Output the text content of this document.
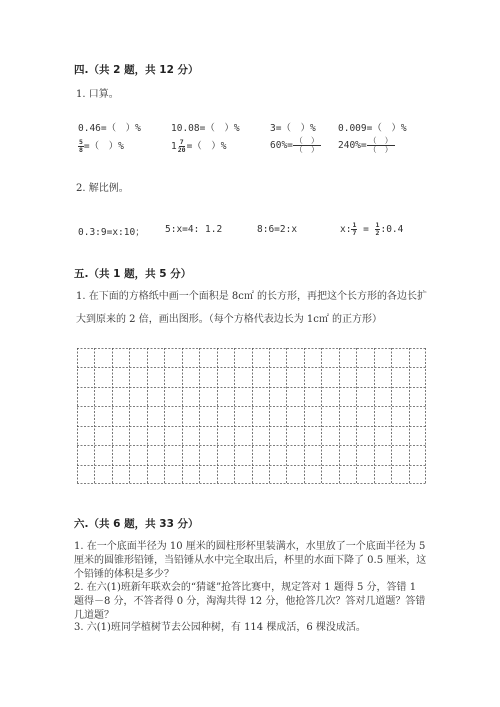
四.（共 2 题，共 12 分）
1. 口算。
0.46=（　）%	10.08=（　）%	3=（　）% 0.009=（　）%
$\frac{5}{8}$ =（　）%	$1 \frac{7}{20}$ =（　）%	$60\%= \frac{( )}{( )} 240\%= \frac{( )}{( )}$
2. 解比例。
0.3:9=x:10； 5:x=4: 1.2	8:6=2:x	x: $\frac{1}{7} = \frac{1}{2}$ :0.4
五.（共 1 题，共 5 分）
1. 在下面的方格纸中画一个面积是 8c㎡ 的长方形，再把这个长方形的各边长扩
大到原来的 2 倍，画出图形。（每个方格代表边长为 1c㎡ 的正方形）
六.（共 6 题，共 33 分）
1. 在一个底面半径为 10 厘米的圆柱形杯里装满水，水里放了一个底面半径为 5 厘米的圆锥形铅锤，当铅锤从水中完全取出后，杯里的水面下降了 0.5 厘米，这个铅锤的体积是多少？
2. 在六(1)班新年联欢会的“猜谜”抢答比赛中，规定答对 1 题得 5 分，答错 1 题得－8 分，不答者得 0 分，淘淘共得 12 分，他抢答几次？答对几道题？答错几道题？
3. 六(1)班同学植树节去公园种树，有 114 棵成活，6 棵没成活。
